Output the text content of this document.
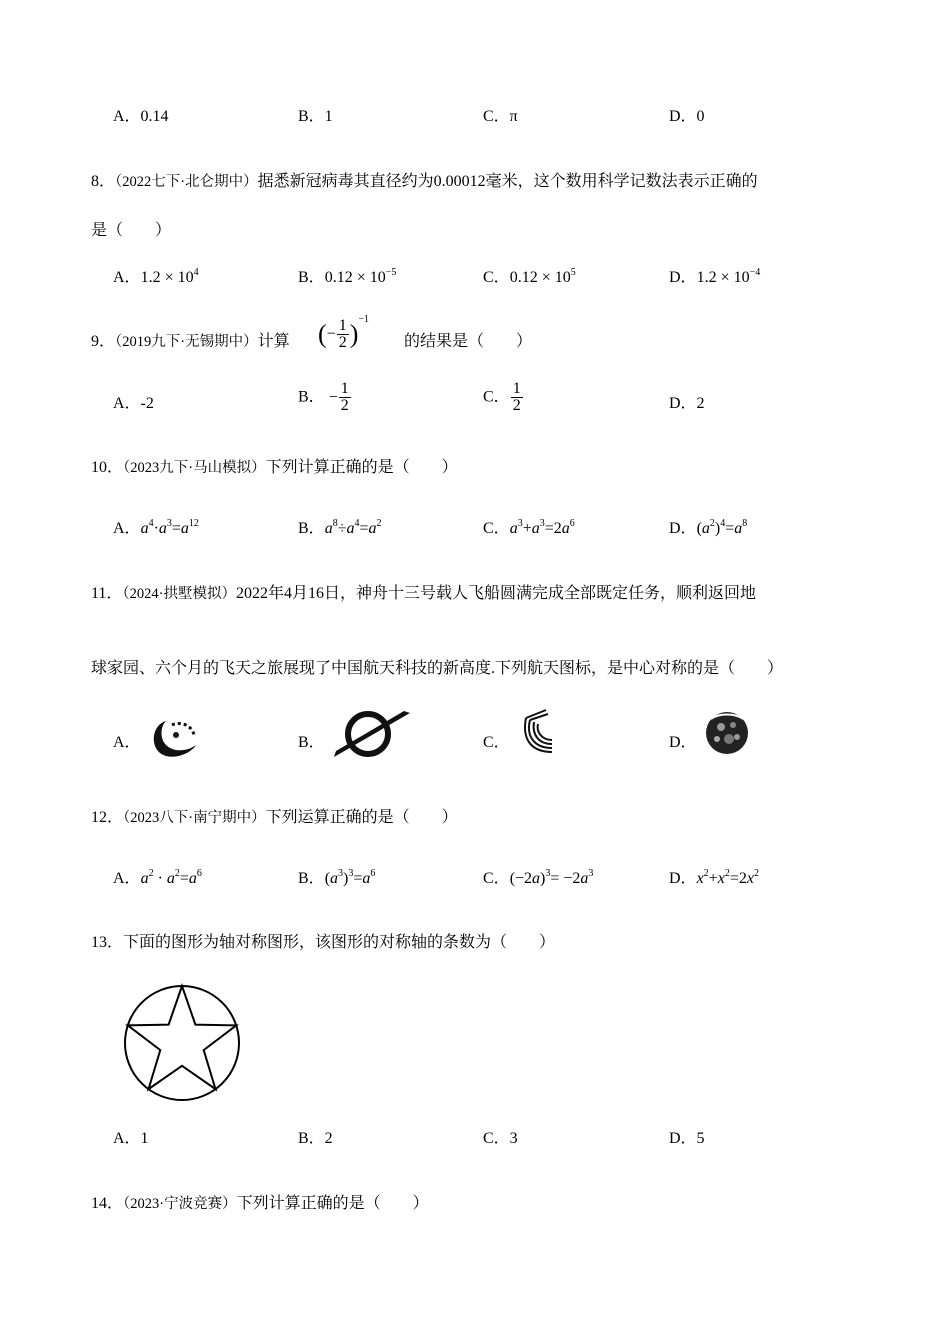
A．0.14	B．1	C．π	D．0
8．（2022七下·北仑期中）据悉新冠病毒其直径约为0.00012毫米，这个数用科学记数法表示正确的
是（　　）
A．$1.2 \times 10^4$	B．$0.12 \times 10^{-5}$	C．$0.12 \times 10^5$	D．$1.2 \times 10^{-4}$
9．（2019九下·无锡期中）计算 (− $\frac{1}{2} )^{-1}$
的结果是（　　）
A．-2	B． − $\frac{1}{2}$	C． $\frac{1}{2}$	D．2
10．（2023九下·马山模拟）下列计算正确的是（　　）
A．$a^4\cdot a^3=a^{12}$	B．$a^8\div a^4=a^2$	C．$a^3+a^3=2a^6$	D．$(a^2)^4=a^8$
11．（2024·拱墅模拟）2022年4月16日，神舟十三号载人飞船圆满完成全部既定任务，顺利返回地
球家园、六个月的飞天之旅展现了中国航天科技的新高度.下列航天图标，是中心对称的是（　　）
A．	B．	C．	D．
12．（2023八下·南宁期中）下列运算正确的是（　　）
A．$a^2 \cdot a^2=a^6$	B．$(a^3)^3=a^6$	C．$(-2a)^3= -2a^3$	D．$x^2+x^2=2x^2$
13．下面的图形为轴对称图形，该图形的对称轴的条数为（　　）
A．1	B．2	C．3	D．5
14．（2023·宁波竞赛）下列计算正确的是（　　）
